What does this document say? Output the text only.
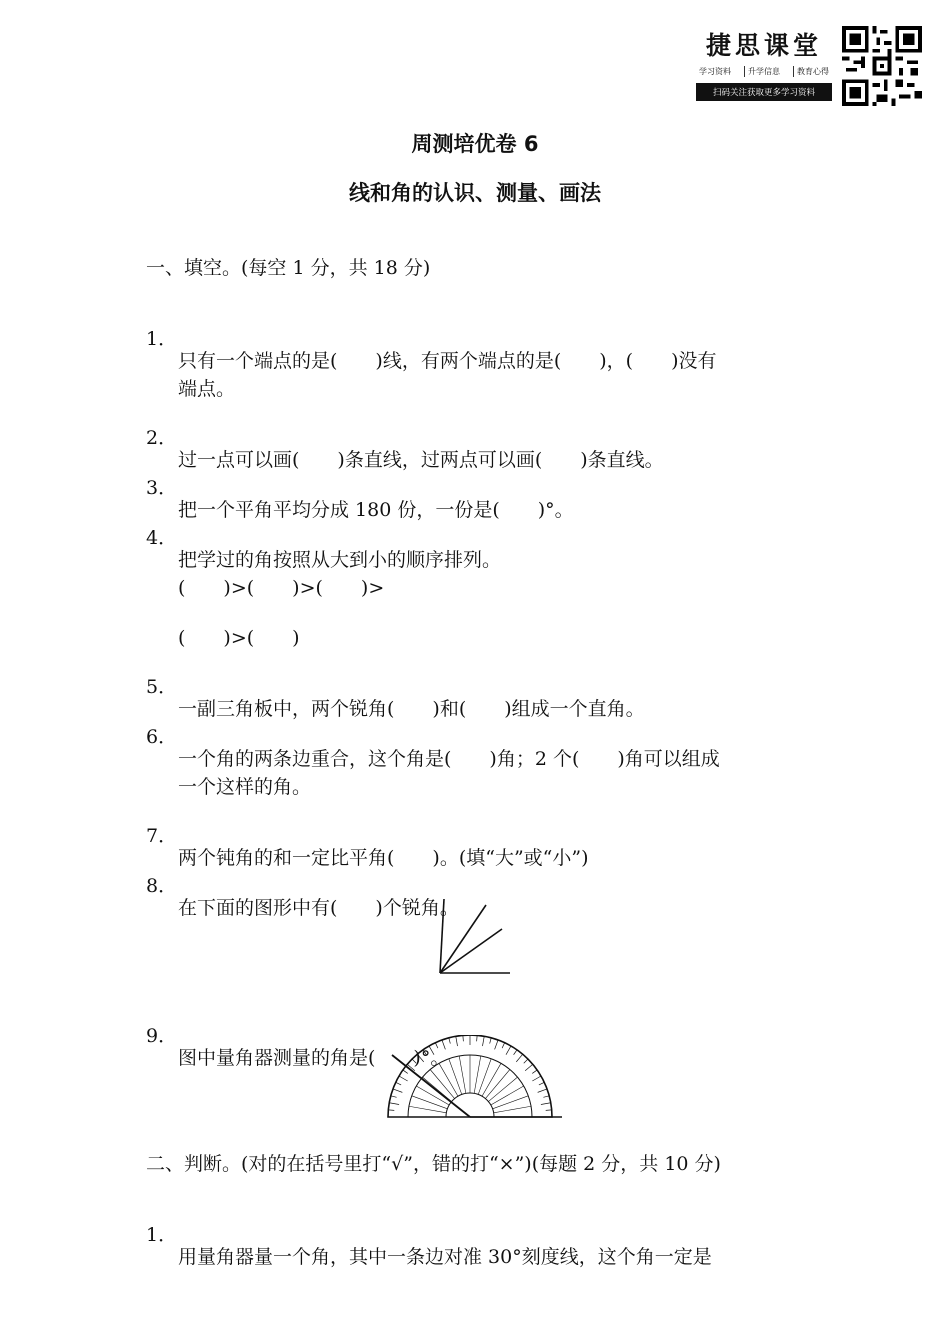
捷思课堂
学习资料	升学信息	教育心得
扫码关注获取更多学习资料
周测培优卷 6
线和角的认识、测量、画法
一、填空。(每空 1 分，共 18 分)

1．

只有一个端点的是(　　)线，有两个端点的是(　　)，(　　)没有

端点。

2．

过一点可以画(　　)条直线，过两点可以画(　　)条直线。

3．

把一个平角平均分成 180 份，一份是(　　)°。

4．

把学过的角按照从大到小的顺序排列。

(　　)>(　　)>(　　)>

(　　)>(　　)

5．

一副三角板中，两个锐角(　　)和(　　)组成一个直角。

6．

一个角的两条边重合，这个角是(　　)角；2 个(　　)角可以组成

一个这样的角。

7．

两个钝角的和一定比平角(　　)。(填“大”或“小”)

8．

在下面的图形中有(　　)个锐角。

9．

图中量角器测量的角是(　　)°。

二、判断。(对的在括号里打“√”，错的打“×”)(每题 2 分，共 10 分)

1．

用量角器量一个角，其中一条边对准 30°刻度线，这个角一定是
